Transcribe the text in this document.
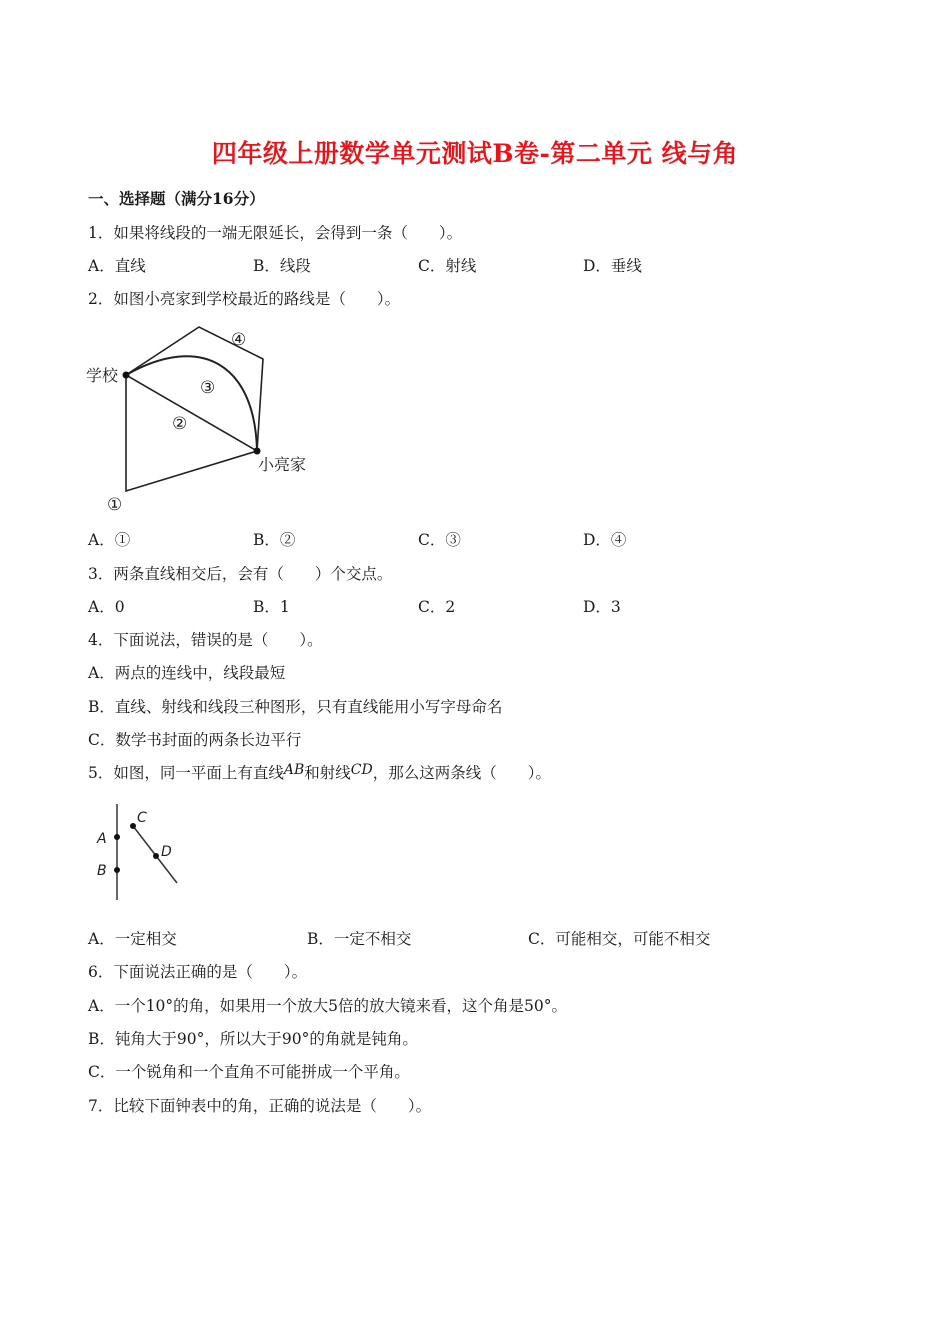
四年级上册数学单元测试B卷-第二单元 线与角
一、选择题（满分16分）
1．如果将线段的一端无限延长，会得到一条（　　）。
A．直线	B．线段	C．射线	D．垂线
2．如图小亮家到学校最近的路线是（　　）。
学校
小亮家
④
③
②
①
A．①	B．②	C．③	D．④
3．两条直线相交后，会有（　　）个交点。
A．0	B．1	C．2	D．3
4．下面说法，错误的是（　　）。
A．两点的连线中，线段最短
B．直线、射线和线段三种图形，只有直线能用小写字母命名
C．数学书封面的两条长边平行
5．如图，同一平面上有直线AB和射线CD，那么这两条线（　　）。
A
B
C
D
A．一定相交	B．一定不相交	C．可能相交，可能不相交
6．下面说法正确的是（　　）。
A．一个10°的角，如果用一个放大5倍的放大镜来看，这个角是50°。
B．钝角大于90°，所以大于90°的角就是钝角。
C．一个锐角和一个直角不可能拼成一个平角。
7．比较下面钟表中的角，正确的说法是（　　）。
